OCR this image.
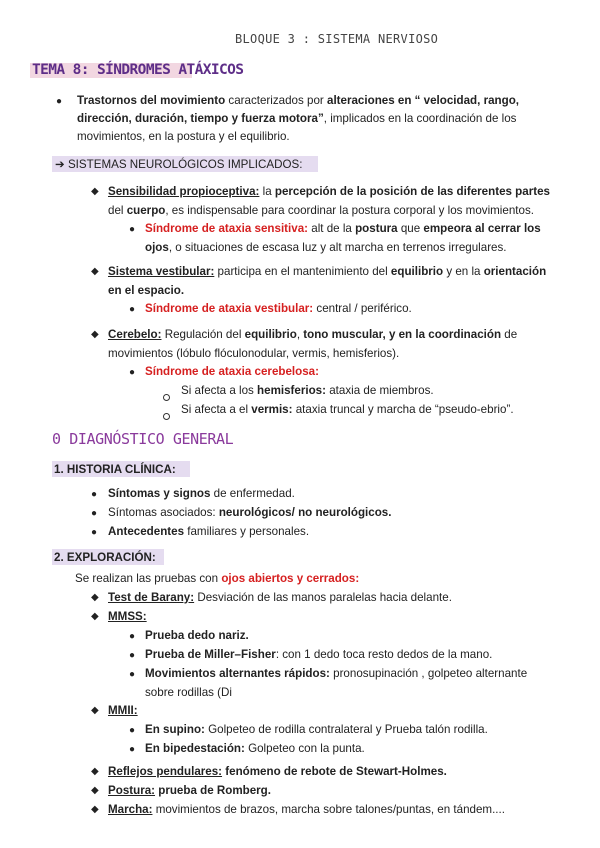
BLOQUE 3 : SISTEMA NERVIOSO
TEMA 8: SÍNDROMES ATÁXICOS
● Trastornos del movimiento caracterizados por alteraciones en “ velocidad, rango,
dirección, duración, tiempo y fuerza motora”, implicados en la coordinación de los
movimientos, en la postura y el equilibrio.
➔ SISTEMAS NEUROLÓGICOS IMPLICADOS:
◆ Sensibilidad propioceptiva: la percepción de la posición de las diferentes partes
del cuerpo, es indispensable para coordinar la postura corporal y los movimientos.
● Síndrome de ataxia sensitiva: alt de la postura que empeora al cerrar los
ojos, o situaciones de escasa luz y alt marcha en terrenos irregulares.
◆ Sistema vestibular: participa en el mantenimiento del equilibrio y en la orientación
en el espacio.
● Síndrome de ataxia vestibular: central / periférico.
◆ Cerebelo: Regulación del equilibrio, tono muscular, y en la coordinación de
movimientos (lóbulo flóculonodular, vermis, hemisferios).
● Síndrome de ataxia cerebelosa:
Si afecta a los hemisferios: ataxia de miembros.
Si afecta a el vermis: ataxia truncal y marcha de “pseudo-ebrio”.
0 DIAGNÓSTICO GENERAL
1. HISTORIA CLÍNICA:
● Síntomas y signos de enfermedad.
● Síntomas asociados: neurológicos/ no neurológicos.
● Antecedentes familiares y personales.
2. EXPLORACIÓN:
Se realizan las pruebas con ojos abiertos y cerrados:
◆ Test de Barany: Desviación de las manos paralelas hacia delante.
◆ MMSS:
● Prueba dedo nariz.
● Prueba de Miller–Fisher: con 1 dedo toca resto dedos de la mano.
● Movimientos alternantes rápidos: pronosupinación , golpeteo alternante
sobre rodillas (Di
◆ MMII:
● En supino: Golpeteo de rodilla contralateral y Prueba talón rodilla.
● En bipedestación: Golpeteo con la punta.
◆ Reflejos pendulares: fenómeno de rebote de Stewart-Holmes.
◆ Postura: prueba de Romberg.
◆ Marcha: movimientos de brazos, marcha sobre talones/puntas, en tándem....
